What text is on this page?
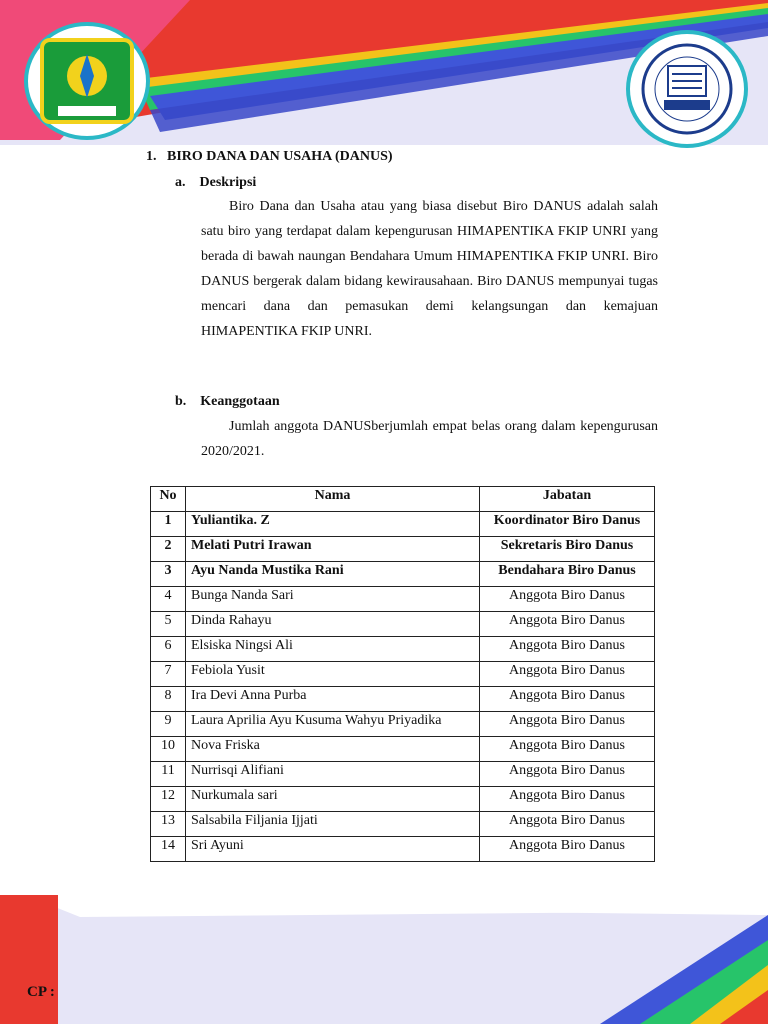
1. BIRO DANA DAN USAHA (DANUS)
a. Deskripsi
Biro Dana dan Usaha atau yang biasa disebut Biro DANUS adalah salah satu biro yang terdapat dalam kepengurusan HIMAPENTIKA FKIP UNRI yang berada di bawah naungan Bendahara Umum HIMAPENTIKA FKIP UNRI. Biro DANUS bergerak dalam bidang kewirausahaan. Biro DANUS mempunyai tugas mencari dana dan pemasukan demi kelangsungan dan kemajuan HIMAPENTIKA FKIP UNRI.
b. Keanggotaan
Jumlah anggota DANUSberjumlah empat belas orang dalam kepengurusan 2020/2021.
No	Nama	Jabatan
1	Yuliantika. Z	Koordinator Biro Danus
2	Melati Putri Irawan	Sekretaris Biro Danus
3	Ayu Nanda Mustika Rani	Bendahara Biro Danus
4	Bunga Nanda Sari	Anggota Biro Danus
5	Dinda Rahayu	Anggota Biro Danus
6	Elsiska Ningsi Ali	Anggota Biro Danus
7	Febiola Yusit	Anggota Biro Danus
8	Ira Devi Anna Purba	Anggota Biro Danus
9	Laura Aprilia Ayu Kusuma Wahyu Priyadika	Anggota Biro Danus
10	Nova Friska	Anggota Biro Danus
11	Nurrisqi Alifiani	Anggota Biro Danus
12	Nurkumala sari	Anggota Biro Danus
13	Salsabila Filjania Ijjati	Anggota Biro Danus
14	Sri Ayuni	Anggota Biro Danus
CP :
